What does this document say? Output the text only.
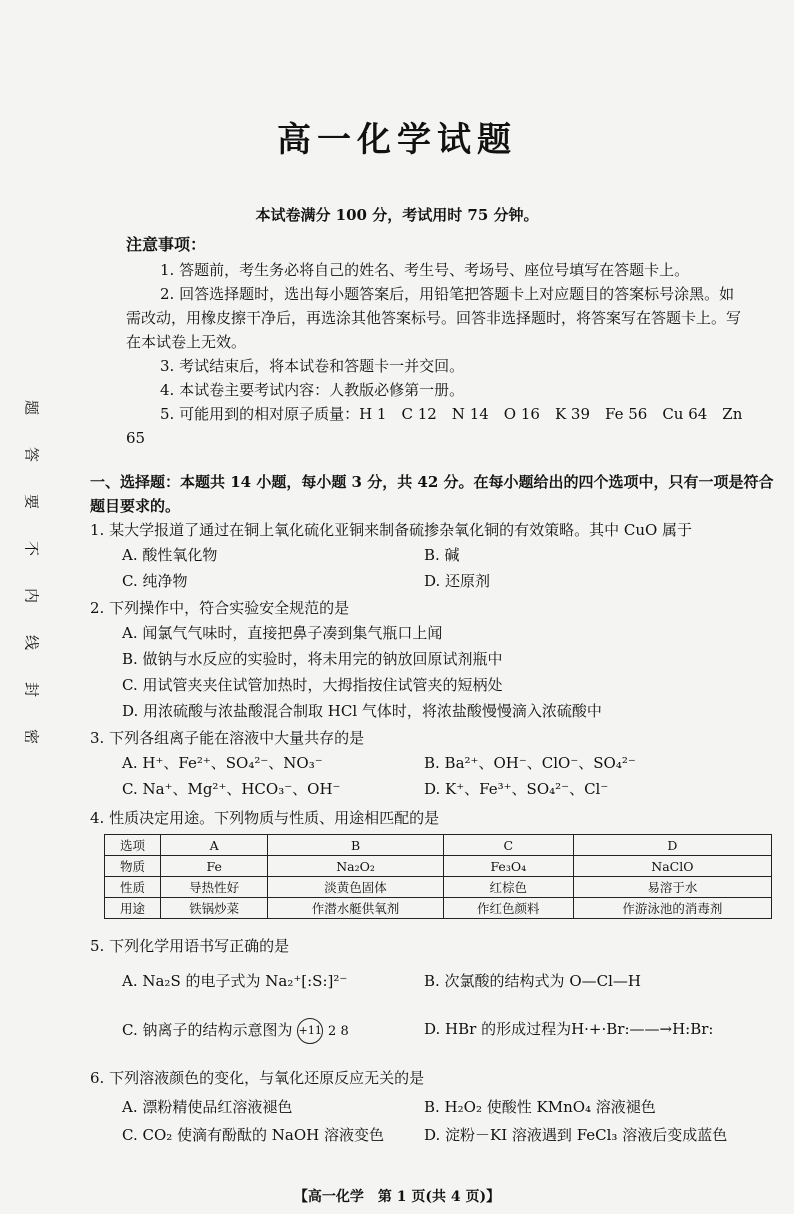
题
答
要
不
内
线
封
密
高一化学试题
本试卷满分 100 分，考试用时 75 分钟。
注意事项：
1. 答题前，考生务必将自己的姓名、考生号、考场号、座位号填写在答题卡上。
2. 回答选择题时，选出每小题答案后，用铅笔把答题卡上对应题目的答案标号涂黑。如需改动，用橡皮擦干净后，再选涂其他答案标号。回答非选择题时，将答案写在答题卡上。写在本试卷上无效。
3. 考试结束后，将本试卷和答题卡一并交回。
4. 本试卷主要考试内容：人教版必修第一册。
5. 可能用到的相对原子质量：H 1　C 12　N 14　O 16　K 39　Fe 56　Cu 64　Zn 65
一、选择题：本题共 14 小题，每小题 3 分，共 42 分。在每小题给出的四个选项中，只有一项是符合题目要求的。
1. 某大学报道了通过在铜上氧化硫化亚铜来制备硫掺杂氧化铜的有效策略。其中 CuO 属于
A. 酸性氧化物	B. 碱
C. 纯净物	D. 还原剂
2. 下列操作中，符合实验安全规范的是
A. 闻氯气气味时，直接把鼻子凑到集气瓶口上闻
B. 做钠与水反应的实验时，将未用完的钠放回原试剂瓶中
C. 用试管夹夹住试管加热时，大拇指按住试管夹的短柄处
D. 用浓硫酸与浓盐酸混合制取 HCl 气体时，将浓盐酸慢慢滴入浓硫酸中
3. 下列各组离子能在溶液中大量共存的是
A. H⁺、Fe²⁺、SO₄²⁻、NO₃⁻	B. Ba²⁺、OH⁻、ClO⁻、SO₄²⁻
C. Na⁺、Mg²⁺、HCO₃⁻、OH⁻	D. K⁺、Fe³⁺、SO₄²⁻、Cl⁻
4. 性质决定用途。下列物质与性质、用途相匹配的是
选项	A	B	C	D
物质	Fe	Na₂O₂	Fe₃O₄	NaClO
性质	导热性好	淡黄色固体	红棕色	易溶于水
用途	铁锅炒菜	作潜水艇供氧剂	作红色颜料	作游泳池的消毒剂
5. 下列化学用语书写正确的是
A. Na₂S 的电子式为 Na₂⁺[:S:]²⁻	B. 次氯酸的结构式为 O—Cl—H
C. 钠离子的结构示意图为 +11 2 8	D. HBr 的形成过程为H·+·Br:——→H:Br:
6. 下列溶液颜色的变化，与氧化还原反应无关的是
A. 漂粉精使品红溶液褪色	B. H₂O₂ 使酸性 KMnO₄ 溶液褪色
C. CO₂ 使滴有酚酞的 NaOH 溶液变色	D. 淀粉－KI 溶液遇到 FeCl₃ 溶液后变成蓝色
【高一化学　第 1 页(共 4 页)】
